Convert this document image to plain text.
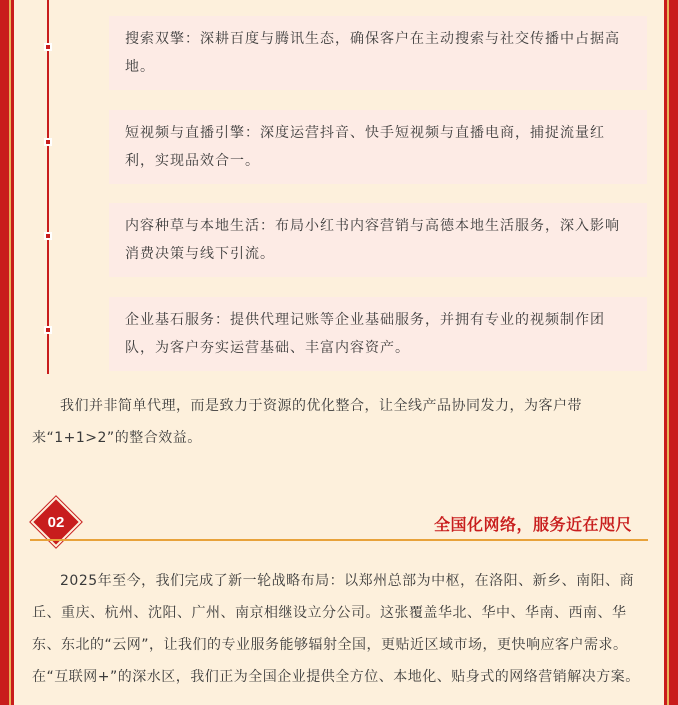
搜索双擎：深耕百度与腾讯生态，确保客户在主动搜索与社交传播中占据高地。
短视频与直播引擎：深度运营抖音、快手短视频与直播电商，捕捉流量红利，实现品效合一。
内容种草与本地生活：布局小红书内容营销与高德本地生活服务，深入影响消费决策与线下引流。
企业基石服务：提供代理记账等企业基础服务，并拥有专业的视频制作团队，为客户夯实运营基础、丰富内容资产。

我们并非简单代理，而是致力于资源的优化整合，让全线产品协同发力，为客户带来“1+1>2”的整合效益。

02	全国化网络，服务近在咫尺

2025年至今，我们完成了新一轮战略布局：以郑州总部为中枢，在洛阳、新乡、南阳、商丘、重庆、杭州、沈阳、广州、南京相继设立分公司。这张覆盖华北、华中、华南、西南、华东、东北的“云网”，让我们的专业服务能够辐射全国，更贴近区域市场，更快响应客户需求。在“互联网+”的深水区，我们正为全国企业提供全方位、本地化、贴身式的网络营销解决方案。
